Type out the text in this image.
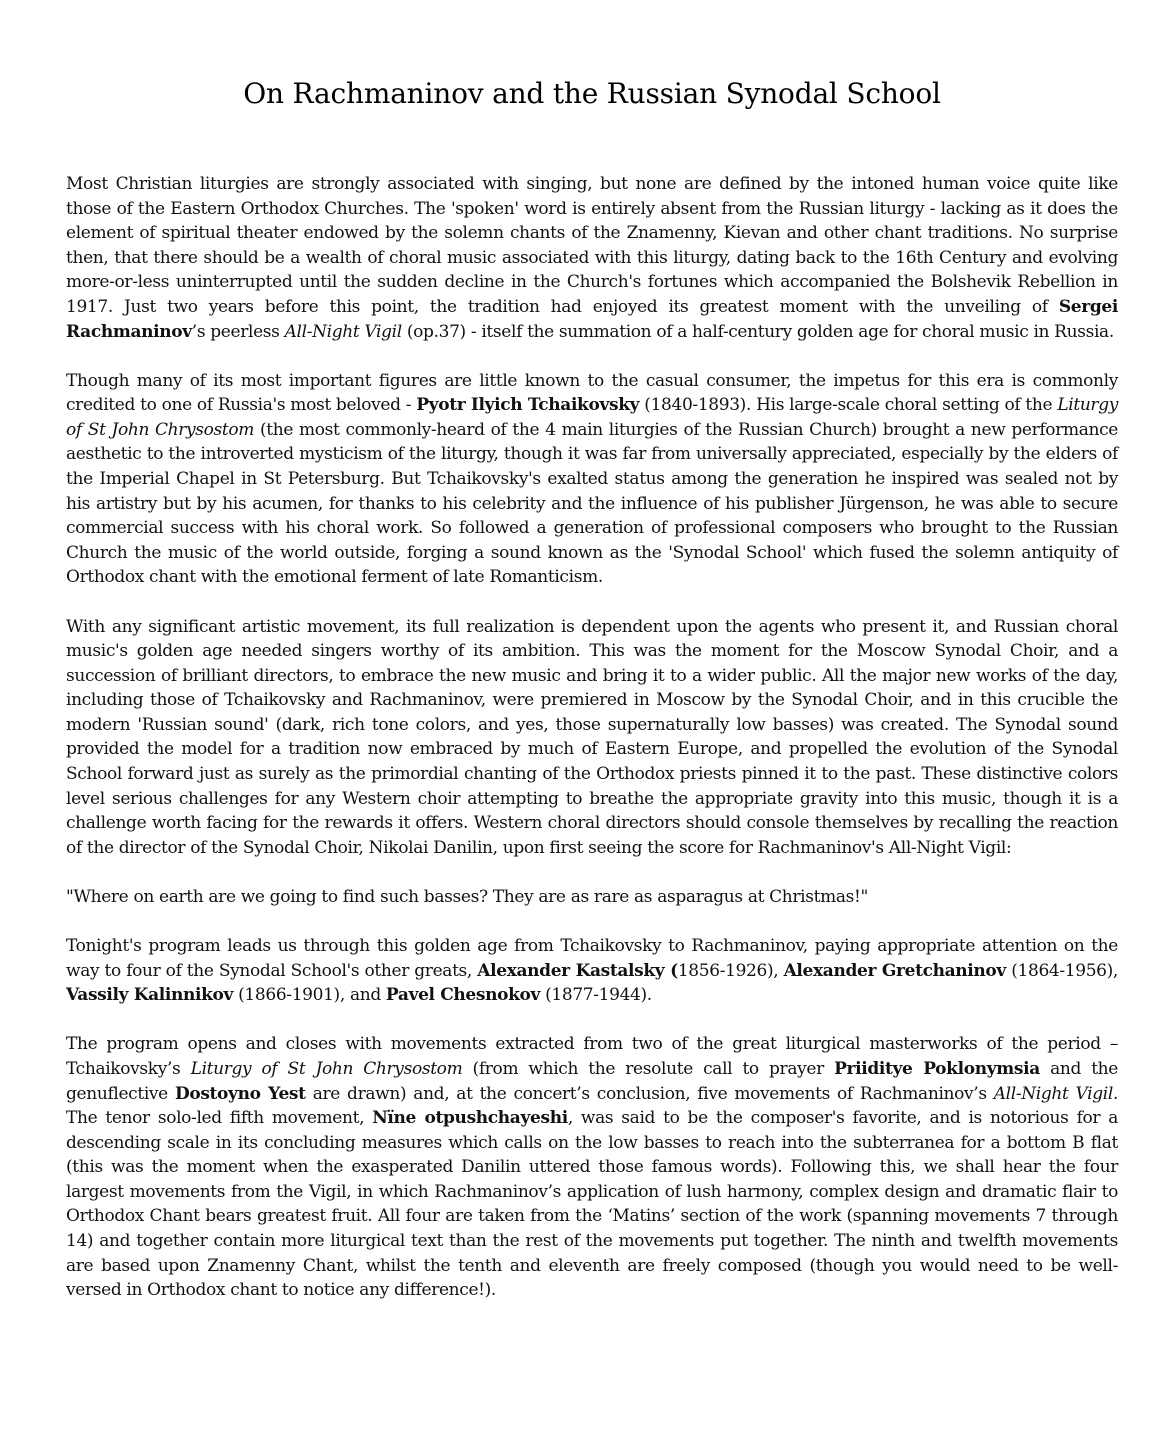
On Rachmaninov and the Russian Synodal School

Most Christian liturgies are strongly associated with singing, but none are defined by the intoned human voice quite like those of the Eastern Orthodox Churches. The 'spoken' word is entirely absent from the Russian liturgy - lacking as it does the element of spiritual theater endowed by the solemn chants of the Znamenny, Kievan and other chant traditions. No surprise then, that there should be a wealth of choral music associated with this liturgy, dating back to the 16th Century and evolving more-or-less uninterrupted until the sudden decline in the Church's fortunes which accompanied the Bolshevik Rebellion in 1917. Just two years before this point, the tradition had enjoyed its greatest moment with the unveiling of Sergei Rachmaninov’s peerless All-Night Vigil (op.37) - itself the summation of a half-century golden age for choral music in Russia.

Though many of its most important figures are little known to the casual consumer, the impetus for this era is commonly credited to one of Russia's most beloved - Pyotr Ilyich Tchaikovsky (1840-1893). His large-scale choral setting of the Liturgy of St John Chrysostom (the most commonly-heard of the 4 main liturgies of the Russian Church) brought a new performance aesthetic to the introverted mysticism of the liturgy, though it was far from universally appreciated, especially by the elders of the Imperial Chapel in St Petersburg. But Tchaikovsky's exalted status among the generation he inspired was sealed not by his artistry but by his acumen, for thanks to his celebrity and the influence of his publisher Jürgenson, he was able to secure commercial success with his choral work. So followed a generation of professional composers who brought to the Russian Church the music of the world outside, forging a sound known as the 'Synodal School' which fused the solemn antiquity of Orthodox chant with the emotional ferment of late Romanticism.

With any significant artistic movement, its full realization is dependent upon the agents who present it, and Russian choral music's golden age needed singers worthy of its ambition. This was the moment for the Moscow Synodal Choir, and a succession of brilliant directors, to embrace the new music and bring it to a wider public. All the major new works of the day, including those of Tchaikovsky and Rachmaninov, were premiered in Moscow by the Synodal Choir, and in this crucible the modern 'Russian sound' (dark, rich tone colors, and yes, those supernaturally low basses) was created. The Synodal sound provided the model for a tradition now embraced by much of Eastern Europe, and propelled the evolution of the Synodal School forward just as surely as the primordial chanting of the Orthodox priests pinned it to the past. These distinctive colors level serious challenges for any Western choir attempting to breathe the appropriate gravity into this music, though it is a challenge worth facing for the rewards it offers. Western choral directors should console themselves by recalling the reaction of the director of the Synodal Choir, Nikolai Danilin, upon first seeing the score for Rachmaninov's All-Night Vigil:

"Where on earth are we going to find such basses? They are as rare as asparagus at Christmas!"

Tonight's program leads us through this golden age from Tchaikovsky to Rachmaninov, paying appropriate attention on the way to four of the Synodal School's other greats, Alexander Kastalsky (1856-1926), Alexander Gretchaninov (1864-1956), Vassily Kalinnikov (1866-1901), and Pavel Chesnokov (1877-1944).

The program opens and closes with movements extracted from two of the great liturgical masterworks of the period – Tchaikovsky’s Liturgy of St John Chrysostom (from which the resolute call to prayer Priiditye Poklonymsia and the genuflective Dostoyno Yest are drawn) and, at the concert’s conclusion, five movements of Rachmaninov’s All-Night Vigil. The tenor solo-led fifth movement, Nïne otpushchayeshi, was said to be the composer's favorite, and is notorious for a descending scale in its concluding measures which calls on the low basses to reach into the subterranea for a bottom B flat (this was the moment when the exasperated Danilin uttered those famous words). Following this, we shall hear the four largest movements from the Vigil, in which Rachmaninov’s application of lush harmony, complex design and dramatic flair to Orthodox Chant bears greatest fruit. All four are taken from the ‘Matins’ section of the work (spanning movements 7 through 14) and together contain more liturgical text than the rest of the movements put together. The ninth and twelfth movements are based upon Znamenny Chant, whilst the tenth and eleventh are freely composed (though you would need to be well-versed in Orthodox chant to notice any difference!).
